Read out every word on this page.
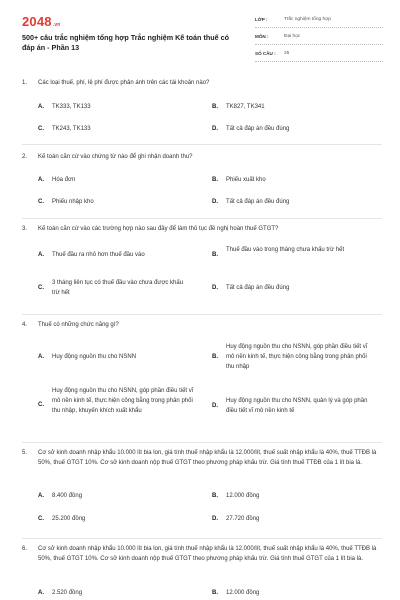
2048.vn
500+ câu trắc nghiệm tổng hợp Trắc nghiệm Kế toán thuế có đáp án - Phần 13
LỚP :	Trắc nghiệm tổng hợp
MÔN :	Đại học
SỐ CÂU : 25
1. Các loại thuế, phí, lệ phí được phản ánh trên các tài khoản nào?
A. TK333, TK133	B. TK827, TK341
C. TK243, TK133	D. Tất cả đáp án đều đúng
2. Kế toán căn cứ vào chứng từ nào để ghi nhận doanh thu?
A. Hóa đơn	B. Phiếu xuất kho
C. Phiếu nhập kho	D. Tất cả đáp án đều đúng
3. Kế toán căn cứ vào các trường hợp nào sau đây để làm thủ tục đề nghị hoàn thuế GTGT?
A. Thuế đầu ra nhỏ hơn thuế đầu vào	B.
Thuế đầu vào trong tháng chưa khấu trừ hết
C.
3 tháng liên tục có thuế đầu vào chưa được khấu trừ hết
D. Tất cả đáp án đều đúng
4. Thuế có những chức năng gì?
A. Huy động nguồn thu cho NSNN	B.
Huy động nguồn thu cho NSNN, góp phần điều tiết vĩ mô nền kinh tế, thực hiện công bằng trong phân phối thu nhập
C.
Huy động nguồn thu cho NSNN, góp phần điều tiết vĩ mô nền kinh tế, thực hiện công bằng trong phân phối thu nhập, khuyến khích xuất khẩu
D.
Huy động nguồn thu cho NSNN, quản lý và góp phần điều tiết vĩ mô nền kinh tế
5. Cơ sở kinh doanh nhập khẩu 10.000 lít bia lon, giá tính thuế nhập khẩu là 12.000/lít, thuế suất nhập khẩu là 40%, thuế TTĐB là 50%, thuế GTGT 10%. Cơ sở kinh doanh nộp thuế GTGT theo phương pháp khấu trừ. Giá tính thuế TTĐB của 1 lít bia là.
A. 8.400 đồng	B. 12.000 đồng
C. 25.200 đồng	D. 27.720 đồng
6. Cơ sở kinh doanh nhập khẩu 10.000 lít bia lon, giá tính thuế nhập khẩu là 12.000/lít, thuế suất nhập khẩu là 40%, thuế TTĐB là 50%, thuế GTGT 10%. Cơ sở kinh doanh nộp thuế GTGT theo phương pháp khấu trừ. Giá tính thuế GTGT của 1 lít bia là.
A. 2.520 đồng	B. 12.000 đồng
